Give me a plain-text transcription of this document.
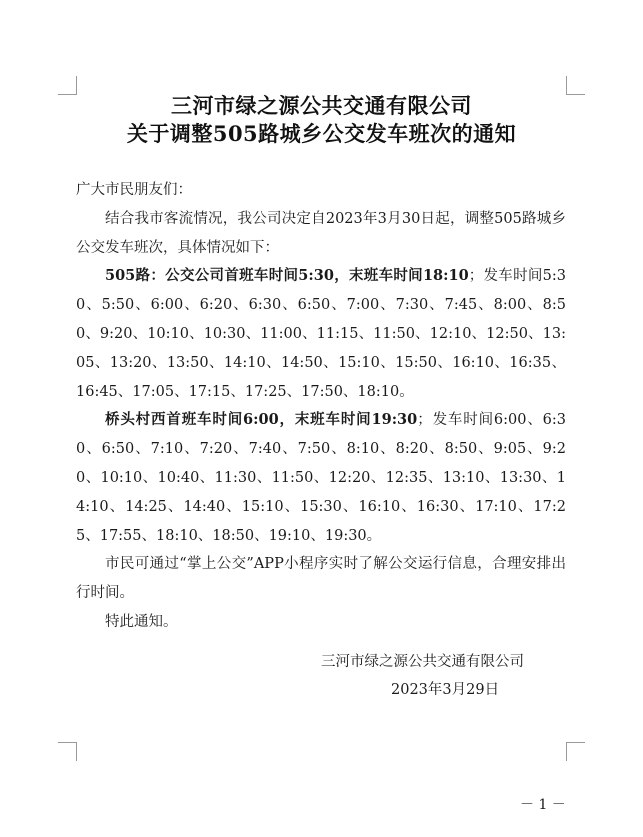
三河市绿之源公共交通有限公司
关于调整505路城乡公交发车班次的通知

广大市民朋友们：

结合我市客流情况，我公司决定自2023年3月30日起，调整505路城乡公交发车班次，具体情况如下：

505路：公交公司首班车时间5:30，末班车时间18:10；发车时间5:30、5:50、6:00、6:20、6:30、6:50、7:00、7:30、7:45、8:00、8:50、9:20、10:10、10:30、11:00、11:15、11:50、12:10、12:50、13:05、13:20、13:50、14:10、14:50、15:10、15:50、16:10、16:35、16:45、17:05、17:15、17:25、17:50、18:10。

桥头村西首班车时间6:00，末班车时间19:30；发车时间6:00、6:30、6:50、7:10、7:20、7:40、7:50、8:10、8:20、8:50、9:05、9:20、10:10、10:40、11:30、11:50、12:20、12:35、13:10、13:30、14:10、14:25、14:40、15:10、15:30、16:10、16:30、17:10、17:25、17:55、18:10、18:50、19:10、19:30。

市民可通过“掌上公交”APP小程序实时了解公交运行信息，合理安排出行时间。

特此通知。

三河市绿之源公共交通有限公司
2023年3月29日
－ 1 －
